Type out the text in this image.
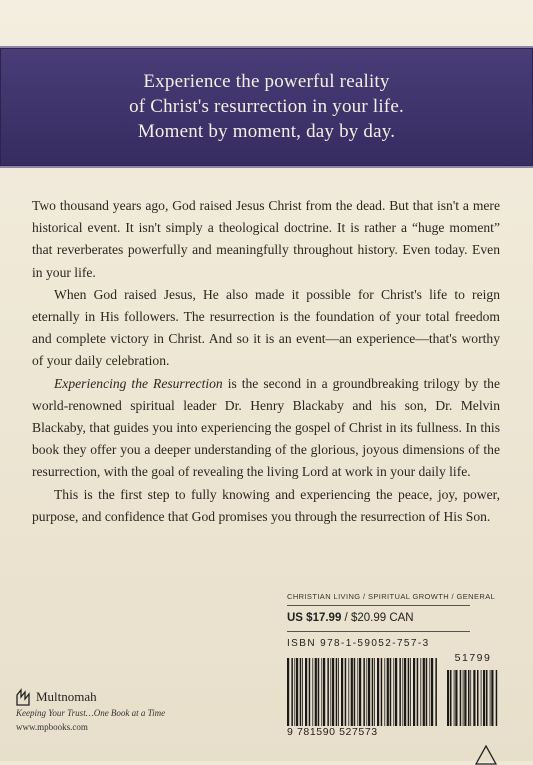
Experience the powerful reality
of Christ's resurrection in your life.
Moment by moment, day by day.

Two thousand years ago, God raised Jesus Christ from the dead. But that isn't a mere historical event. It isn't simply a theological doctrine. It is rather a “huge moment” that reverberates powerfully and meaningfully throughout history. Even today. Even in your life.

When God raised Jesus, He also made it possible for Christ's life to reign eternally in His followers. The resurrection is the foundation of your total freedom and complete victory in Christ. And so it is an event—an experience—that's worthy of your daily celebration.

Experiencing the Resurrection is the second in a groundbreaking trilogy by the world-renowned spiritual leader Dr. Henry Blackaby and his son, Dr. Melvin Blackaby, that guides you into experiencing the gospel of Christ in its fullness. In this book they offer you a deeper understanding of the glorious, joyous dimensions of the resurrection, with the goal of revealing the living Lord at work in your daily life.

This is the first step to fully knowing and experiencing the peace, joy, power, purpose, and confidence that God promises you through the resurrection of His Son.

CHRISTIAN LIVING / SPIRITUAL GROWTH / GENERAL
US $17.99 / $20.99 CAN
ISBN 978-1-59052-757-3
51799
9 781590 527573
Multnomah
Keeping Your Trust…One Book at a Time
www.mpbooks.com
